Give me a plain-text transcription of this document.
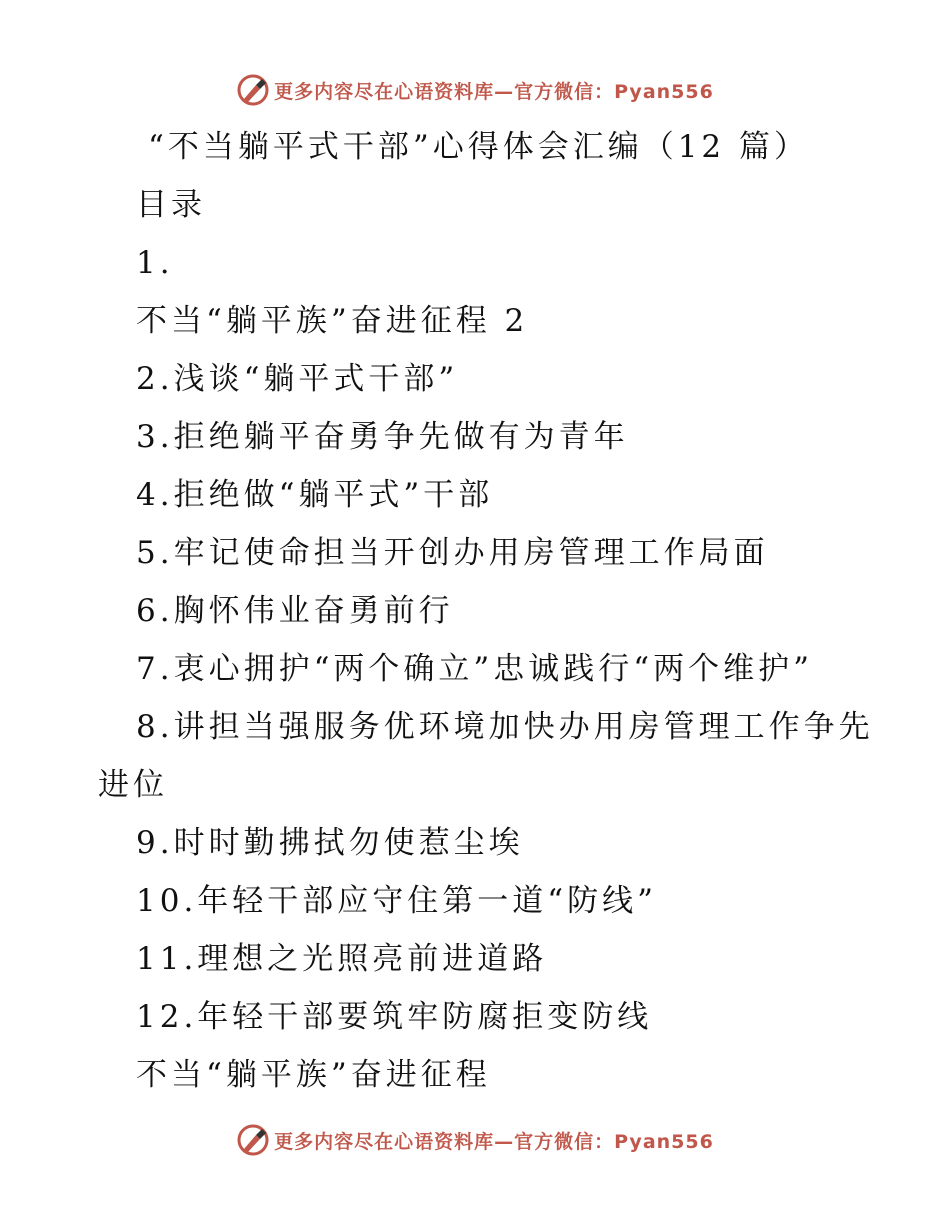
更多内容尽在心语资料库—官方微信：Pyan556
“不当躺平式干部”心得体会汇编（12 篇）
目录
1.
不当“躺平族”奋进征程 2
2.浅谈“躺平式干部”
3.拒绝躺平奋勇争先做有为青年
4.拒绝做“躺平式”干部
5.牢记使命担当开创办用房管理工作局面
6.胸怀伟业奋勇前行
7.衷心拥护“两个确立”忠诚践行“两个维护”
8.讲担当强服务优环境加快办用房管理工作争先
进位
9.时时勤拂拭勿使惹尘埃
10.年轻干部应守住第一道“防线”
11.理想之光照亮前进道路
12.年轻干部要筑牢防腐拒变防线
不当“躺平族”奋进征程
更多内容尽在心语资料库—官方微信：Pyan556
